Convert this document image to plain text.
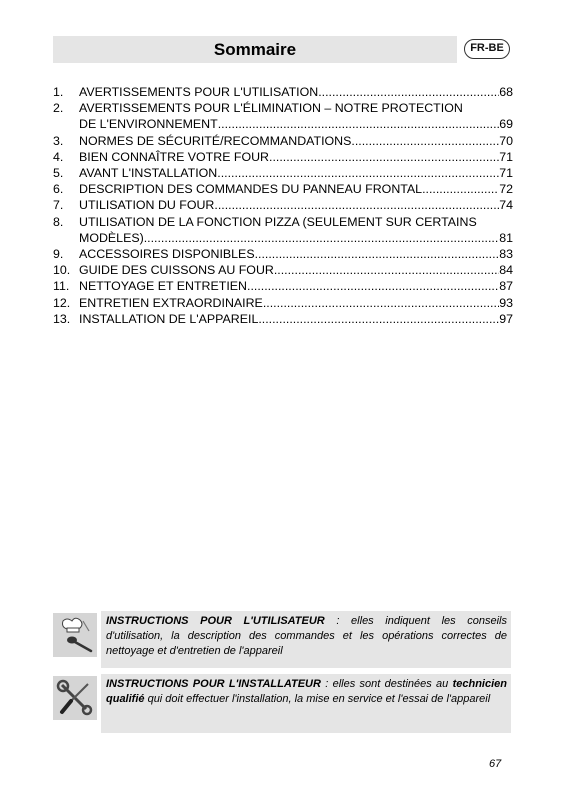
Sommaire	FR-BE
1.	AVERTISSEMENTS POUR L'UTILISATION .....	68
2.	AVERTISSEMENTS POUR L'ÉLIMINATION – NOTRE PROTECTION
DE L'ENVIRONNEMENT .....	69
3.	NORMES DE SÉCURITÉ/RECOMMANDATIONS .....	70
4.	BIEN CONNAÎTRE VOTRE FOUR .....	71
5.	AVANT L'INSTALLATION .....	71
6.	DESCRIPTION DES COMMANDES DU PANNEAU FRONTAL .....	72
7.	UTILISATION DU FOUR .....	74
8.	UTILISATION DE LA FONCTION PIZZA (SEULEMENT SUR CERTAINS
MODÈLES) .....	81
9.	ACCESSOIRES DISPONIBLES .....	83
10. GUIDE DES CUISSONS AU FOUR .....	84
11. NETTOYAGE ET ENTRETIEN .....	87
12. ENTRETIEN EXTRAORDINAIRE .....	93
13. INSTALLATION DE L'APPAREIL .....	97
INSTRUCTIONS POUR L'UTILISATEUR : elles indiquent les conseils d'utilisation, la description des commandes et les opérations correctes de nettoyage et d'entretien de l'appareil
INSTRUCTIONS POUR L'INSTALLATEUR : elles sont destinées au technicien qualifié qui doit effectuer l'installation, la mise en service et l'essai de l'appareil
67
